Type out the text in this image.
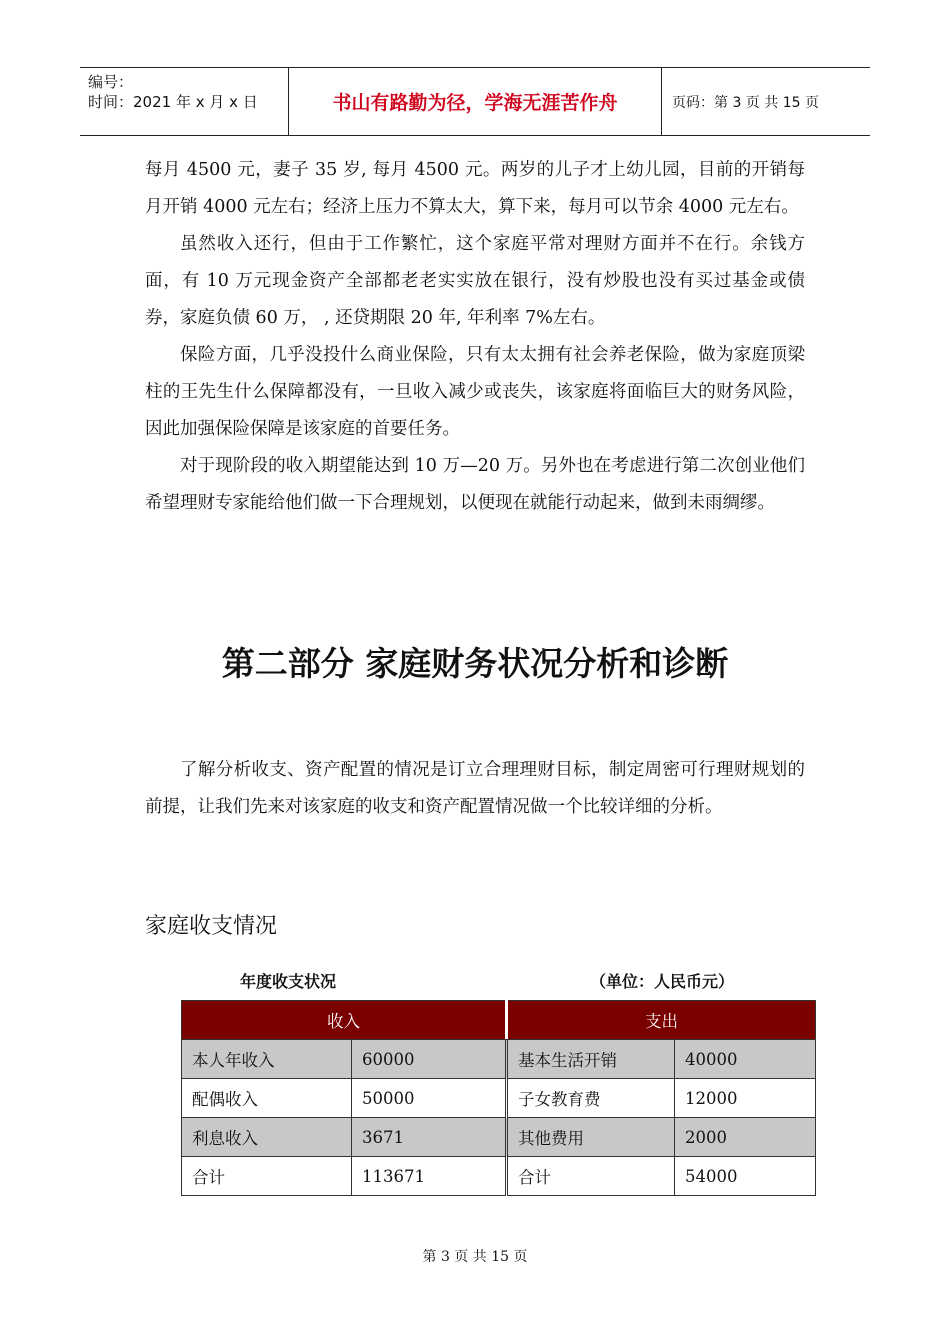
编号：
时间：2021 年 x 月 x 日	书山有路勤为径，学海无涯苦作舟	页码：第 3 页 共 15 页

每月 4500 元，妻子 35 岁, 每月 4500 元。两岁的儿子才上幼儿园，目前的开销每月开销 4000 元左右；经济上压力不算太大，算下来，每月可以节余 4000 元左右。

虽然收入还行，但由于工作繁忙，这个家庭平常对理财方面并不在行。余钱方面，有 10 万元现金资产全部都老老实实放在银行，没有炒股也没有买过基金或债券，家庭负债 60 万， , 还贷期限 20 年, 年利率 7%左右。

保险方面，几乎没投什么商业保险，只有太太拥有社会养老保险，做为家庭顶梁柱的王先生什么保障都没有，一旦收入减少或丧失，该家庭将面临巨大的财务风险，因此加强保险保障是该家庭的首要任务。

对于现阶段的收入期望能达到 10 万—20 万。另外也在考虑进行第二次创业他们希望理财专家能给他们做一下合理规划，以便现在就能行动起来，做到未雨绸缪。

第二部分 家庭财务状况分析和诊断

了解分析收支、资产配置的情况是订立合理理财目标，制定周密可行理财规划的前提，让我们先来对该家庭的收支和资产配置情况做一个比较详细的分析。

家庭收支情况
年度收支状况	（单位：人民币元）
收入		支出	
本人年收入	60000	基本生活开销	40000
配偶收入	50000	子女教育费	12000
利息收入	3671	其他费用	2000
合计	113671	合计	54000
第 3 页 共 15 页
